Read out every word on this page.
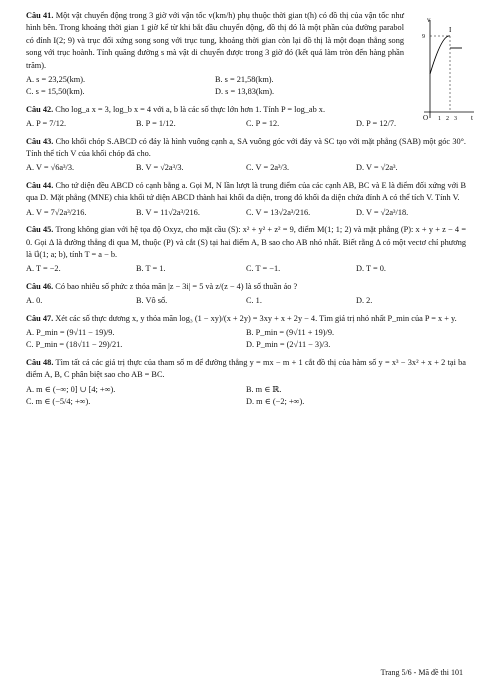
Câu 41. Một vật chuyển động trong 3 giờ với vận tốc v(km/h) phụ thuộc thời gian t(h) có đồ thị của vận tốc như hình bên. Trong khoảng thời gian 1 giờ kể từ khi bắt đầu chuyển động, đồ thị đó là một phần của đường parabol có đỉnh I(2; 9) và trục đối xứng song song với trục tung, khoảng thời gian còn lại đồ thị là một đoạn thẳng song song với trục hoành. Tính quãng đường s mà vật di chuyển được trong 3 giờ đó (kết quả làm tròn đến hàng phần trăm).

A. s = 23,25(km).	B. s = 21,58(km).
C. s = 15,50(km).	D. s = 13,83(km).
v
t
O
I
9
1 2 3

Câu 42. Cho log_a x = 3, log_b x = 4 với a, b là các số thực lớn hơn 1. Tính P = log_ab x.

A. P = 7/12.	B. P = 1/12.	C. P = 12.	D. P = 12/7.

Câu 43. Cho khối chóp S.ABCD có đáy là hình vuông cạnh a, SA vuông góc với đáy và SC tạo với mặt phẳng (SAB) một góc 30°. Tính thể tích V của khối chóp đã cho.

A. V = √6a³/3.	B. V = √2a³/3.	C. V = 2a³/3.	D. V = √2a³.

Câu 44. Cho tứ diện đều ABCD có cạnh bằng a. Gọi M, N lần lượt là trung điểm của các cạnh AB, BC và E là điểm đối xứng với B qua D. Mặt phẳng (MNE) chia khối tứ diện ABCD thành hai khối đa diện, trong đó khối đa diện chứa đỉnh A có thể tích V. Tính V.

A. V = 7√2a³/216.	B. V = 11√2a³/216.	C. V = 13√2a³/216.	D. V = √2a³/18.

Câu 45. Trong không gian với hệ tọa độ Oxyz, cho mặt cầu (S): x² + y² + z² = 9, điểm M(1; 1; 2) và mặt phẳng (P): x + y + z − 4 = 0. Gọi Δ là đường thẳng đi qua M, thuộc (P) và cắt (S) tại hai điểm A, B sao cho AB nhỏ nhất. Biết rằng Δ có một vectơ chỉ phương là u⃗(1; a; b), tính T = a − b.

A. T = −2.	B. T = 1.	C. T = −1.	D. T = 0.

Câu 46. Có bao nhiêu số phức z thỏa mãn |z − 3i| = 5 và z/(z − 4) là số thuần ảo ?

A. 0.	B. Vô số.	C. 1.	D. 2.

Câu 47. Xét các số thực dương x, y thỏa mãn log₃ (1 − xy)/(x + 2y) = 3xy + x + 2y − 4. Tìm giá trị nhỏ nhất P_min của P = x + y.

A. P_min = (9√11 − 19)/9.	B. P_min = (9√11 + 19)/9.
C. P_min = (18√11 − 29)/21.	D. P_min = (2√11 − 3)/3.

Câu 48. Tìm tất cả các giá trị thực của tham số m để đường thẳng y = mx − m + 1 cắt đồ thị của hàm số y = x³ − 3x² + x + 2 tại ba điểm A, B, C phân biệt sao cho AB = BC.

A. m ∈ (−∞; 0] ∪ [4; +∞).	B. m ∈ ℝ.
C. m ∈ (−5/4; +∞).	D. m ∈ (−2; +∞).
Trang 5/6 - Mã đề thi 101
